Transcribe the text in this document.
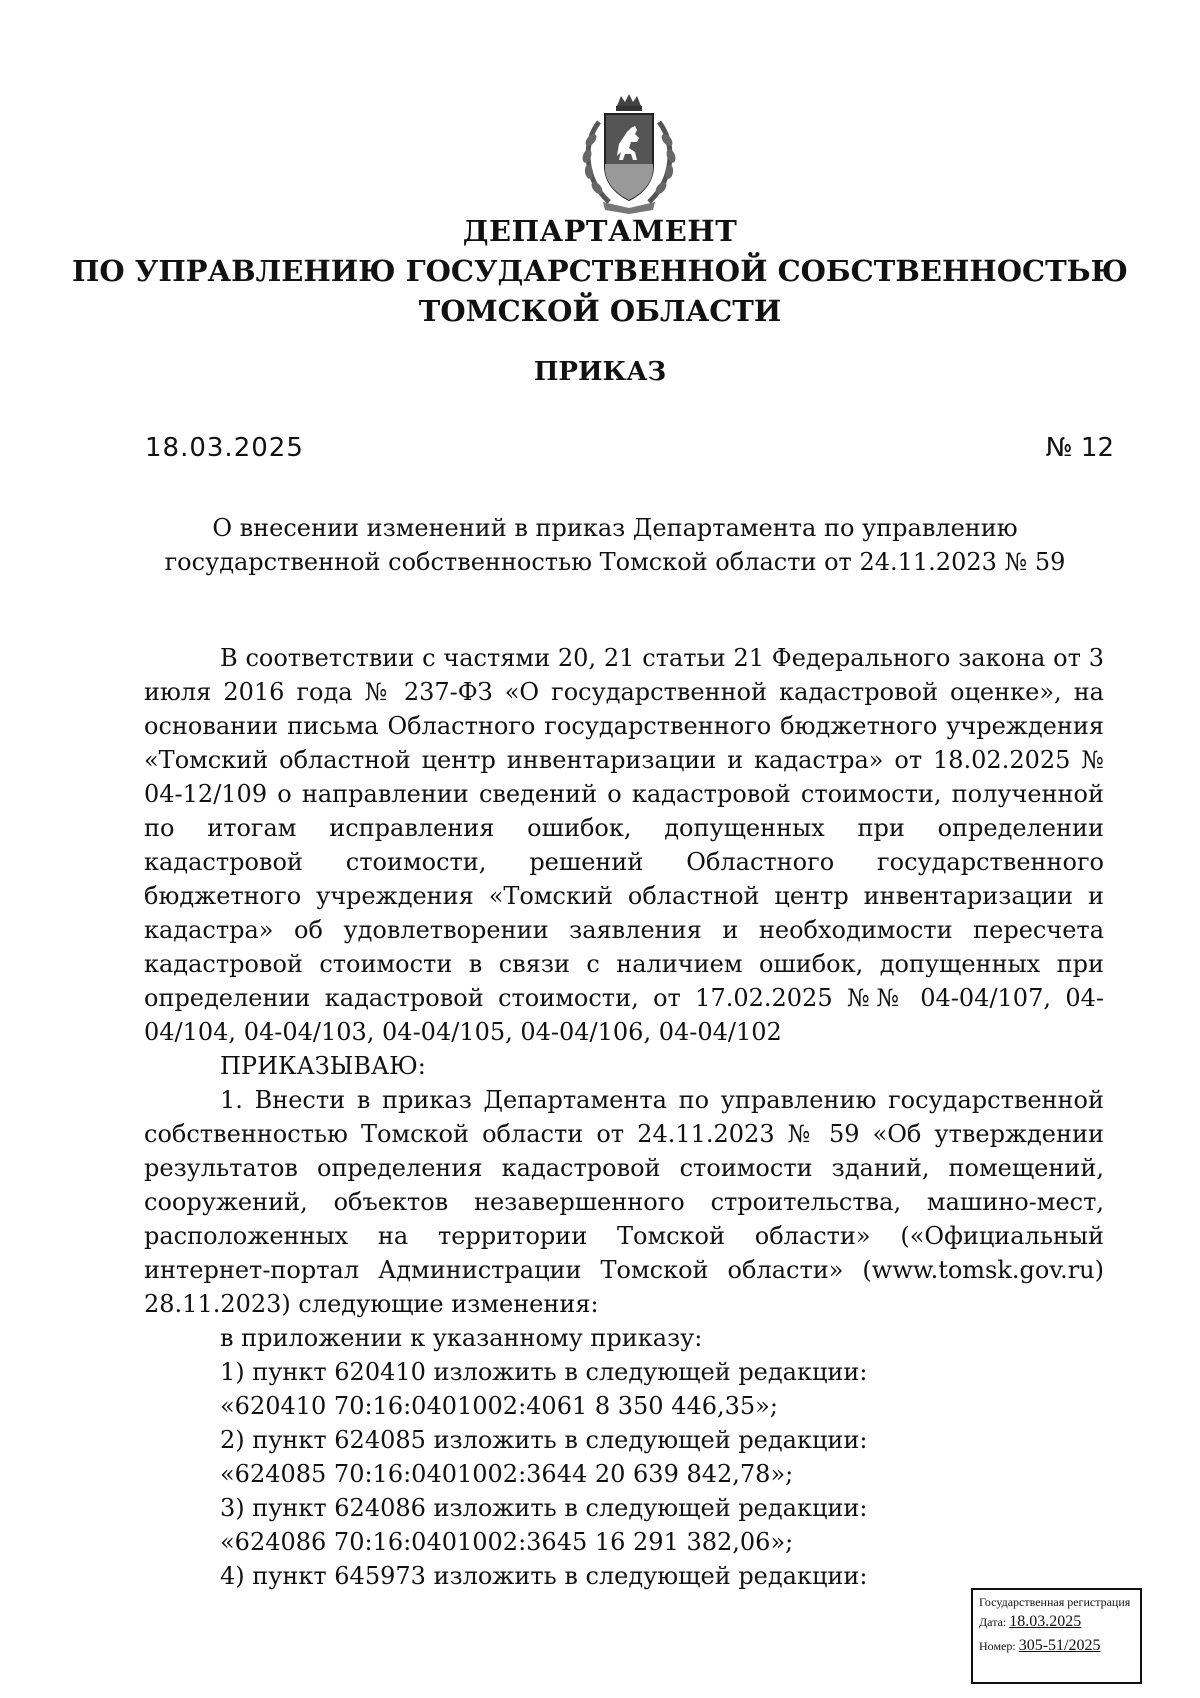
ДЕПАРТАМЕНТ
ПО УПРАВЛЕНИЮ ГОСУДАРСТВЕННОЙ СОБСТВЕННОСТЬЮ
ТОМСКОЙ ОБЛАСТИ
ПРИКАЗ
18.03.2025	№ 12
О внесении изменений в приказ Департамента по управлению государственной собственностью Томской области от 24.11.2023 № 59

В соответствии с частями 20, 21 статьи 21 Федерального закона от 3 июля 2016 года № 237-ФЗ «О государственной кадастровой оценке», на основании письма Областного государственного бюджетного учреждения «Томский областной центр инвентаризации и кадастра» от 18.02.2025 № 04-12/109 о направлении сведений о кадастровой стоимости, полученной по итогам исправления ошибок, допущенных при определении кадастровой стоимости, решений Областного государственного бюджетного учреждения «Томский областной центр инвентаризации и кадастра» об удовлетворении заявления и необходимости пересчета кадастровой стоимости в связи с наличием ошибок, допущенных при определении кадастровой стоимости, от 17.02.2025 №№ 04-04/107, 04-04/104, 04-04/103, 04-04/105, 04-04/106, 04-04/102

ПРИКАЗЫВАЮ:

1. Внести в приказ Департамента по управлению государственной собственностью Томской области от 24.11.2023 № 59 «Об утверждении результатов определения кадастровой стоимости зданий, помещений, сооружений, объектов незавершенного строительства, машино-мест, расположенных на территории Томской области» («Официальный интернет-портал Администрации Томской области» (www.tomsk.gov.ru) 28.11.2023) следующие изменения:

в приложении к указанному приказу:

1) пункт 620410 изложить в следующей редакции:

«620410 70:16:0401002:4061 8 350 446,35»;

2) пункт 624085 изложить в следующей редакции:

«624085 70:16:0401002:3644 20 639 842,78»;

3) пункт 624086 изложить в следующей редакции:

«624086 70:16:0401002:3645 16 291 382,06»;

4) пункт 645973 изложить в следующей редакции:

Государственная регистрация
Дата: 18.03.2025
Номер: 305-51/2025
